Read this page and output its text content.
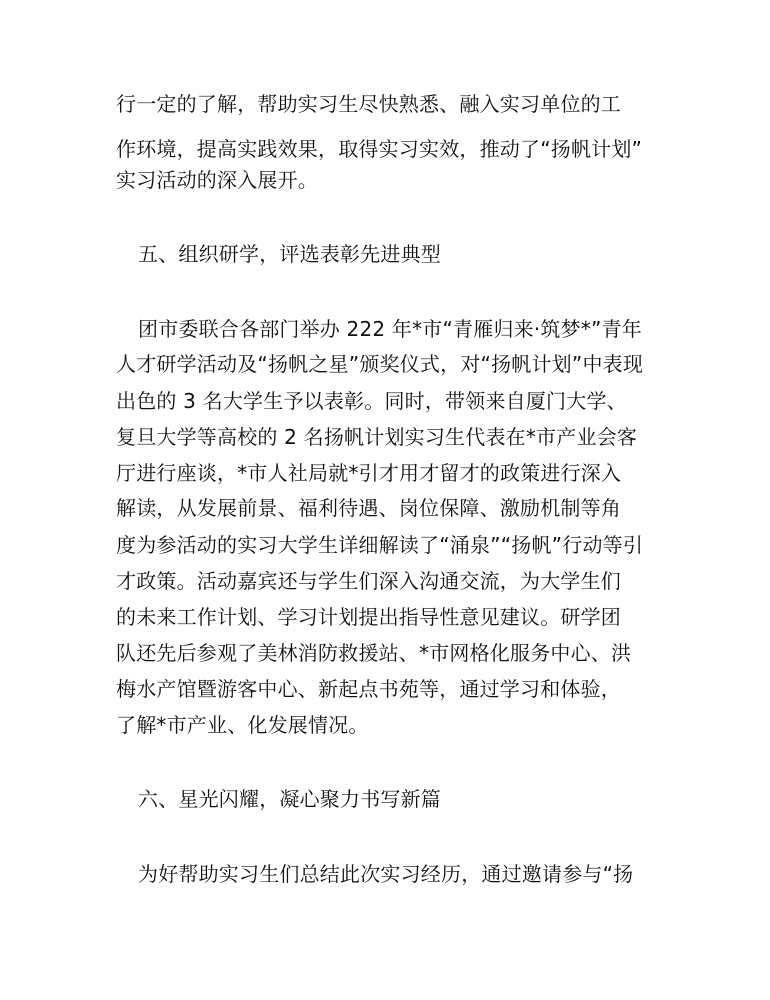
行一定的了解，帮助实习生尽快熟悉、融入实习单位的工
作环境，提高实践效果，取得实习实效，推动了“扬帆计划”
实习活动的深入展开。
五、组织研学，评选表彰先进典型
团市委联合各部门举办 222 年*市“青雁归来·筑梦*”青年
人才研学活动及“扬帆之星”颁奖仪式，对“扬帆计划”中表现
出色的 3 名大学生予以表彰。同时，带领来自厦门大学、
复旦大学等高校的 2 名扬帆计划实习生代表在*市产业会客
厅进行座谈，*市人社局就*引才用才留才的政策进行深入
解读，从发展前景、福利待遇、岗位保障、激励机制等角
度为参活动的实习大学生详细解读了“涌泉”“扬帆”行动等引
才政策。活动嘉宾还与学生们深入沟通交流，为大学生们
的未来工作计划、学习计划提出指导性意见建议。研学团
队还先后参观了美林消防救援站、*市网格化服务中心、洪
梅水产馆暨游客中心、新起点书苑等，通过学习和体验，
了解*市产业、化发展情况。
六、星光闪耀，凝心聚力书写新篇
为好帮助实习生们总结此次实习经历，通过邀请参与“扬
